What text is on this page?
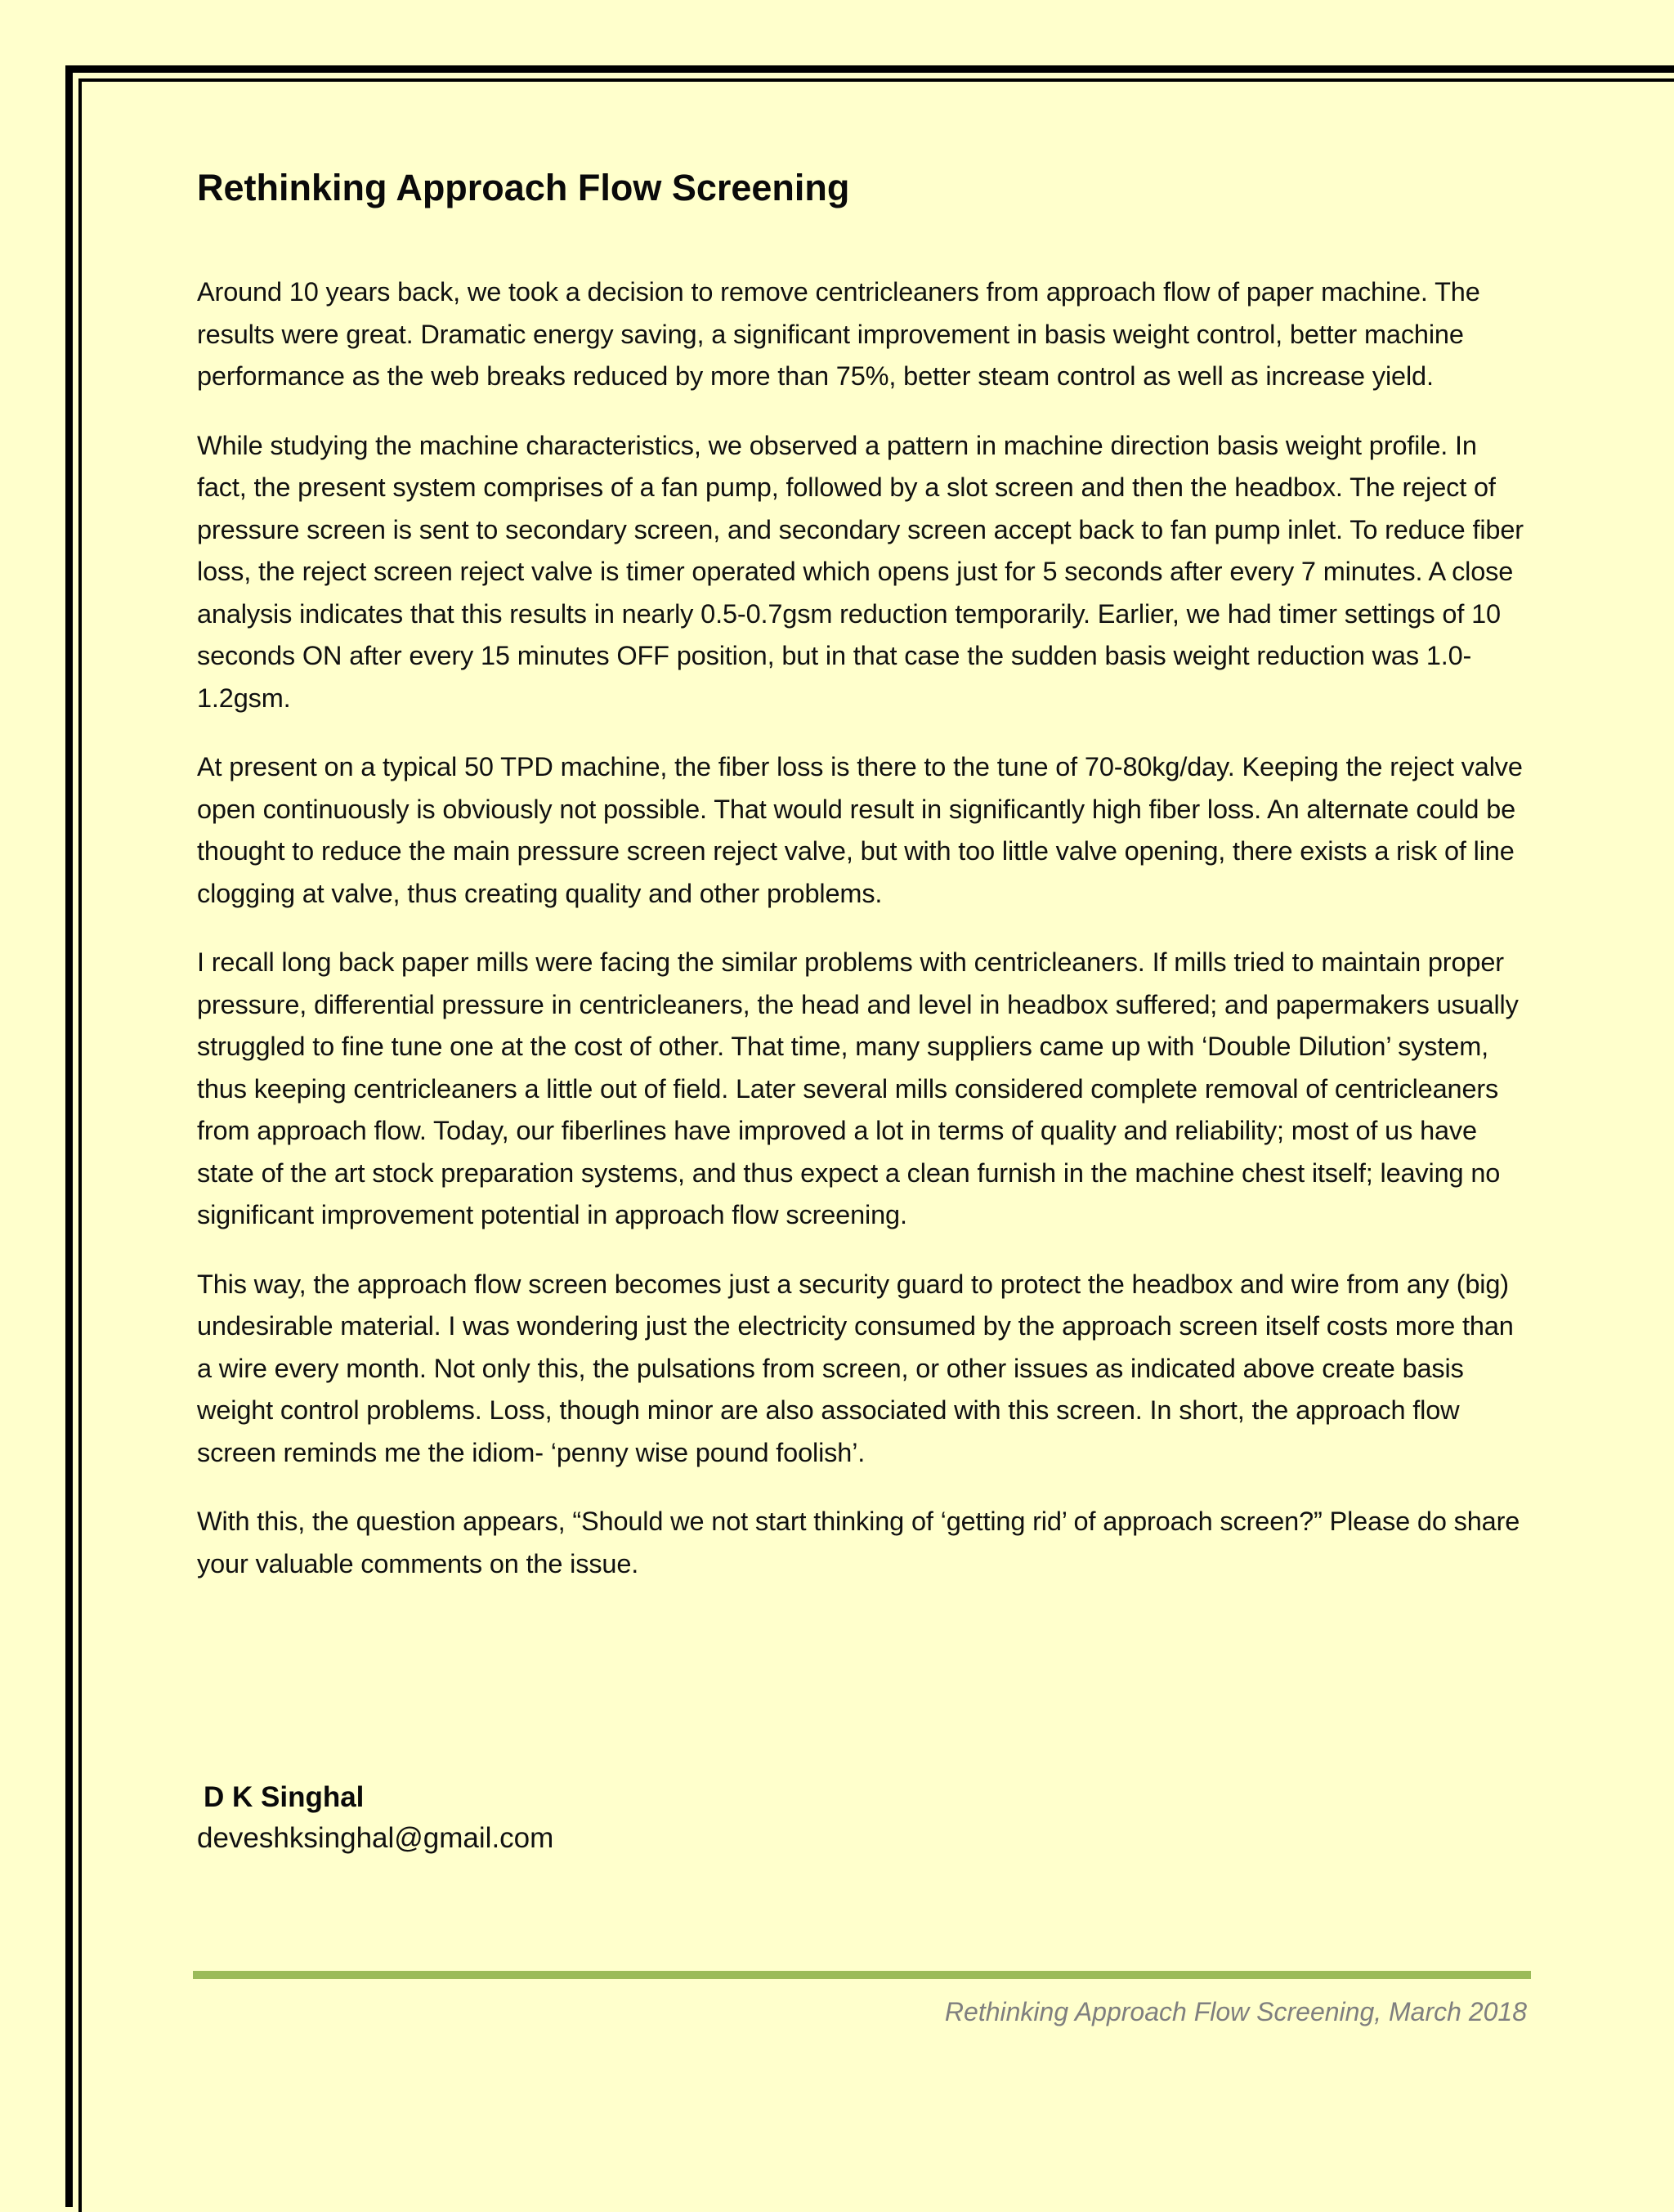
Rethinking Approach Flow Screening

Around 10 years back, we took a decision to remove centricleaners from approach flow of paper machine. The results were great. Dramatic energy saving, a significant improvement in basis weight control, better machine performance as the web breaks reduced by more than 75%, better steam control as well as increase yield.

While studying the machine characteristics, we observed a pattern in machine direction basis weight profile. In fact, the present system comprises of a fan pump, followed by a slot screen and then the headbox. The reject of pressure screen is sent to secondary screen, and secondary screen accept back to fan pump inlet. To reduce fiber loss, the reject screen reject valve is timer operated which opens just for 5 seconds after every 7 minutes. A close analysis indicates that this results in nearly 0.5-0.7gsm reduction temporarily. Earlier, we had timer settings of 10 seconds ON after every 15 minutes OFF position, but in that case the sudden basis weight reduction was 1.0-1.2gsm.

At present on a typical 50 TPD machine, the fiber loss is there to the tune of 70-80kg/day. Keeping the reject valve open continuously is obviously not possible. That would result in significantly high fiber loss. An alternate could be thought to reduce the main pressure screen reject valve, but with too little valve opening, there exists a risk of line clogging at valve, thus creating quality and other problems.

I recall long back paper mills were facing the similar problems with centricleaners. If mills tried to maintain proper pressure, differential pressure in centricleaners, the head and level in headbox suffered; and papermakers usually struggled to fine tune one at the cost of other. That time, many suppliers came up with ‘Double Dilution’ system, thus keeping centricleaners a little out of field. Later several mills considered complete removal of centricleaners from approach flow. Today, our fiberlines have improved a lot in terms of quality and reliability; most of us have state of the art stock preparation systems, and thus expect a clean furnish in the machine chest itself; leaving no significant improvement potential in approach flow screening.

This way, the approach flow screen becomes just a security guard to protect the headbox and wire from any (big) undesirable material. I was wondering just the electricity consumed by the approach screen itself costs more than a wire every month. Not only this, the pulsations from screen, or other issues as indicated above create basis weight control problems. Loss, though minor are also associated with this screen. In short, the approach flow screen reminds me the idiom- ‘penny wise pound foolish’.

With this, the question appears, “Should we not start thinking of ‘getting rid’ of approach screen?” Please do share your valuable comments on the issue.

D K Singhal
deveshksinghal@gmail.com
Rethinking Approach Flow Screening, March 2018
